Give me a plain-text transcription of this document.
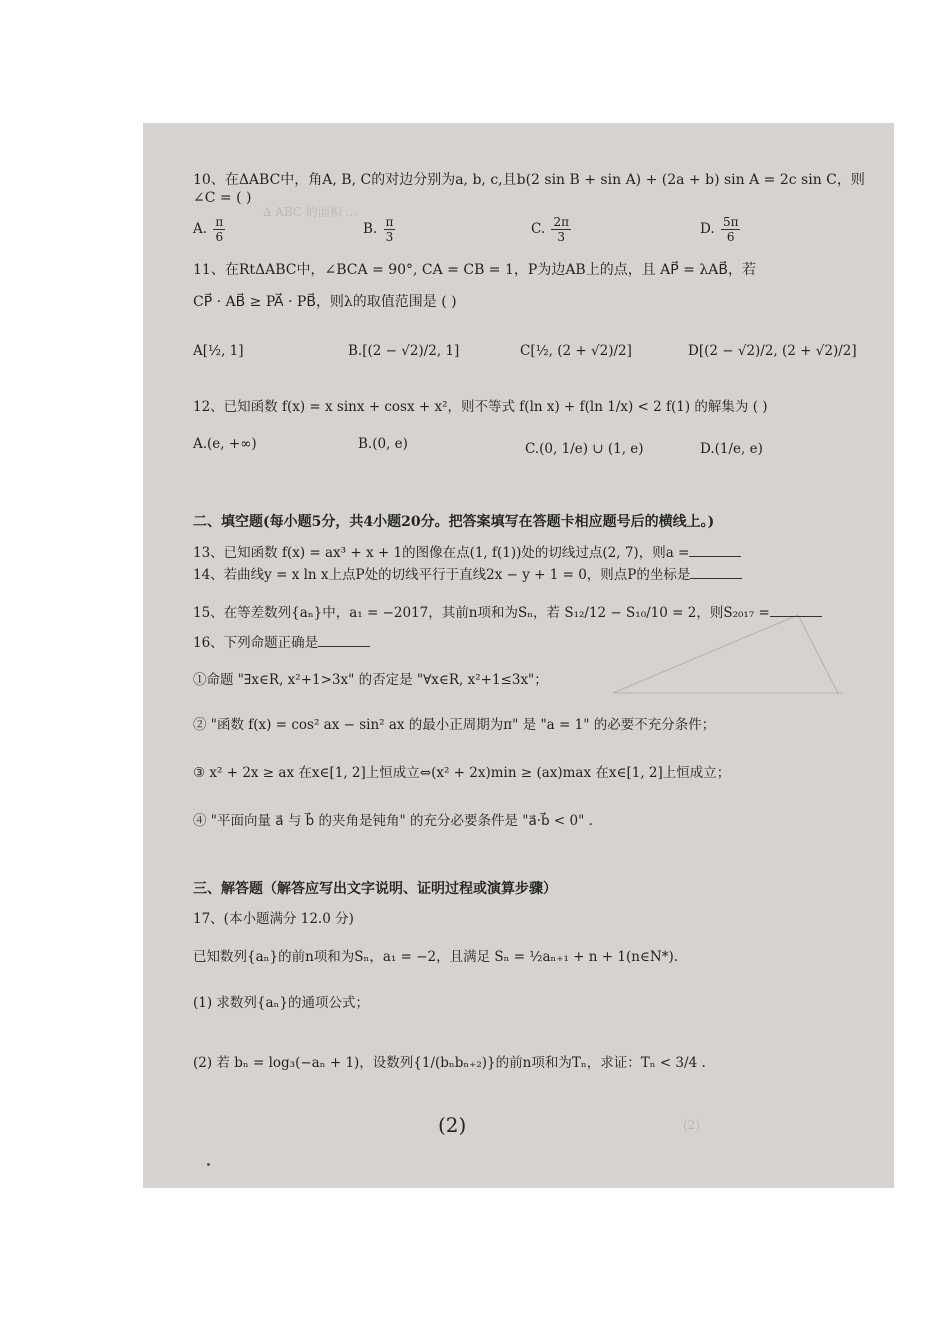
∆ ABC 的面积 ...
(2)
10、在ΔABC中，角A, B, C的对边分别为a, b, c,且b(2 sin B + sin A) + (2a + b) sin A = 2c sin C，则
∠C = ( )
A. $\frac{\pi}{6}$	B. $\frac{\pi}{3}$	C. $\frac{2\pi}{3}$	D. $\frac{5\pi}{6}$
11、在RtΔABC中，∠BCA = 90°, CA = CB = 1，P为边AB上的点，且 AP⃗ = λAB⃗，若
CP⃗ · AB⃗ ≥ PA⃗ · PB⃗，则λ的取值范围是 ( )
A[½, 1]	B.[(2 − √2)/2, 1]	C[½, (2 + √2)/2]	D[(2 − √2)/2, (2 + √2)/2]
12、已知函数 f(x) = x sinx + cosx + x²，则不等式 f(ln x) + f(ln 1/x) < 2 f(1) 的解集为 ( )
A.(e, +∞)	B.(0, e)	C.(0, 1/e) ∪ (1, e)	D.(1/e, e)
二、填空题(每小题5分，共4小题20分。把答案填写在答题卡相应题号后的横线上。)
13、已知函数 f(x) = ax³ + x + 1的图像在点(1, f(1))处的切线过点(2, 7)，则a =
14、若曲线y = x ln x上点P处的切线平行于直线2x − y + 1 = 0，则点P的坐标是
15、在等差数列{aₙ}中，a₁ = −2017，其前n项和为Sₙ，若 S₁₂/12 − S₁₀/10 = 2，则S₂₀₁₇ =
16、下列命题正确是
①命题 "∃x∈R, x²+1>3x" 的否定是 "∀x∈R, x²+1≤3x"；
② "函数 f(x) = cos² ax − sin² ax 的最小正周期为π" 是 "a = 1" 的必要不充分条件；
③ x² + 2x ≥ ax 在x∈[1, 2]上恒成立⇔(x² + 2x)min ≥ (ax)max 在x∈[1, 2]上恒成立；
④ "平面向量 a⃗ 与 b⃗ 的夹角是钝角" 的充分必要条件是 "a⃗·b⃗ < 0" .
三、解答题（解答应写出文字说明、证明过程或演算步骤）
17、(本小题满分 12.0 分)
已知数列{aₙ}的前n项和为Sₙ，a₁ = −2，且满足 Sₙ = ½aₙ₊₁ + n + 1(n∈N*).
(1) 求数列{aₙ}的通项公式；
(2) 若 bₙ = log₃(−aₙ + 1)，设数列{1/(bₙbₙ₊₂)}的前n项和为Tₙ，求证：Tₙ < 3/4 .
(2)
